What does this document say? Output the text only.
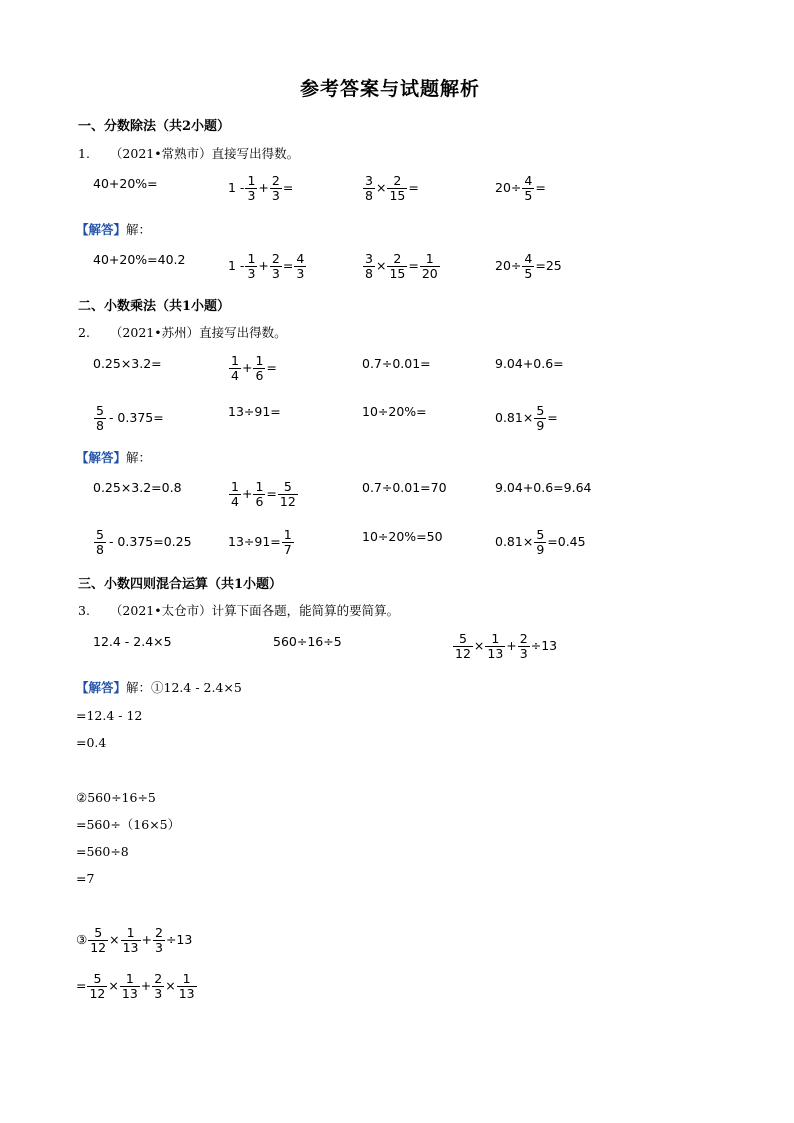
参考答案与试题解析
一、分数除法（共2小题）
1. （2021•常熟市）直接写出得数。
40+20%=	$1 - \frac{1}{3} + \frac{2}{3}$ =	$\frac{3}{8} \times \frac{2}{15}$ =	$20\div \frac{4}{5}$ =
【解答】解：
40+20%=40.2	$1 - \frac{1}{3} + \frac{2}{3} = \frac{4}{3}$	$\frac{3}{8} \times \frac{2}{15} = \frac{1}{20}$	$20\div \frac{4}{5} =25$
二、小数乘法（共1小题）
2. （2021•苏州）直接写出得数。
0.25×3.2=	$\frac{1}{4} + \frac{1}{6}$ =	0.7÷0.01=	9.04+0.6=
$\frac{5}{8} - 0.375=$	13÷91=	10÷20%=	$0.81\times \frac{5}{9}$ =
【解答】解：
0.25×3.2=0.8	$\frac{1}{4} + \frac{1}{6} = \frac{5}{12}$	0.7÷0.01=70	9.04+0.6=9.64
$\frac{5}{8} - 0.375=0.25$	$13\div 91= \frac{1}{7}$	10÷20%=50	$0.81\times \frac{5}{9} =0.45$
三、小数四则混合运算（共1小题）
3. （2021•太仓市）计算下面各题，能简算的要简算。
12.4 - 2.4×5	560÷16÷5	$\frac{5}{12} \times \frac{1}{13} + \frac{2}{3} \div 13$
【解答】解：①12.4 - 2.4×5
=12.4 - 12
=0.4
②560÷16÷5
=560÷（16×5）
=560÷8
=7
③ $\frac{5}{12} \times \frac{1}{13} + \frac{2}{3} \div 13$
= $\frac{5}{12} \times \frac{1}{13} + \frac{2}{3} \times \frac{1}{13}$
